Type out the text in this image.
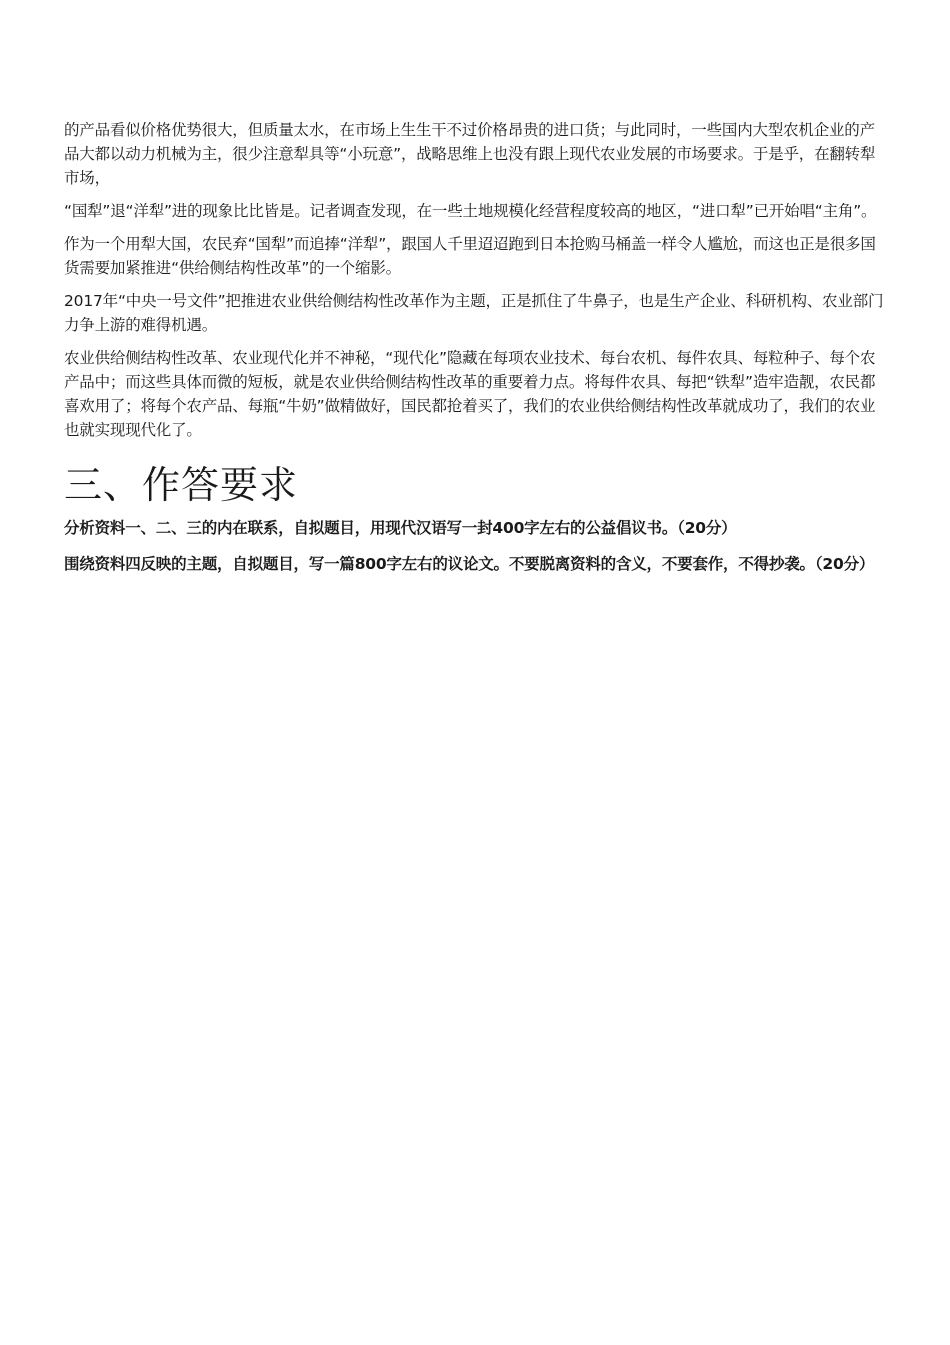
的产品看似价格优势很大，但质量太水，在市场上生生干不过价格昂贵的进口货；与此同时，一些国内大型农机企业的产品大都以动力机械为主，很少注意犁具等“小玩意”，战略思维上也没有跟上现代农业发展的市场要求。于是乎，在翻转犁市场，

“国犁”退“洋犁”进的现象比比皆是。记者调查发现，在一些土地规模化经营程度较高的地区，“进口犁”已开始唱“主角”。

作为一个用犁大国，农民弃“国犁”而追捧“洋犁”，跟国人千里迢迢跑到日本抢购马桶盖一样令人尴尬，而这也正是很多国货需要加紧推进“供给侧结构性改革”的一个缩影。

2017年“中央一号文件”把推进农业供给侧结构性改革作为主题，正是抓住了牛鼻子，也是生产企业、科研机构、农业部门力争上游的难得机遇。

农业供给侧结构性改革、农业现代化并不神秘，“现代化”隐藏在每项农业技术、每台农机、每件农具、每粒种子、每个农产品中；而这些具体而微的短板，就是农业供给侧结构性改革的重要着力点。将每件农具、每把“铁犁”造牢造靓，农民都喜欢用了；将每个农产品、每瓶“牛奶”做精做好，国民都抢着买了，我们的农业供给侧结构性改革就成功了，我们的农业也就实现现代化了。

三、作答要求

分析资料一、二、三的内在联系，自拟题目，用现代汉语写一封400字左右的公益倡议书。（20分）

围绕资料四反映的主题，自拟题目，写一篇800字左右的议论文。不要脱离资料的含义，不要套作，不得抄袭。（20分）
